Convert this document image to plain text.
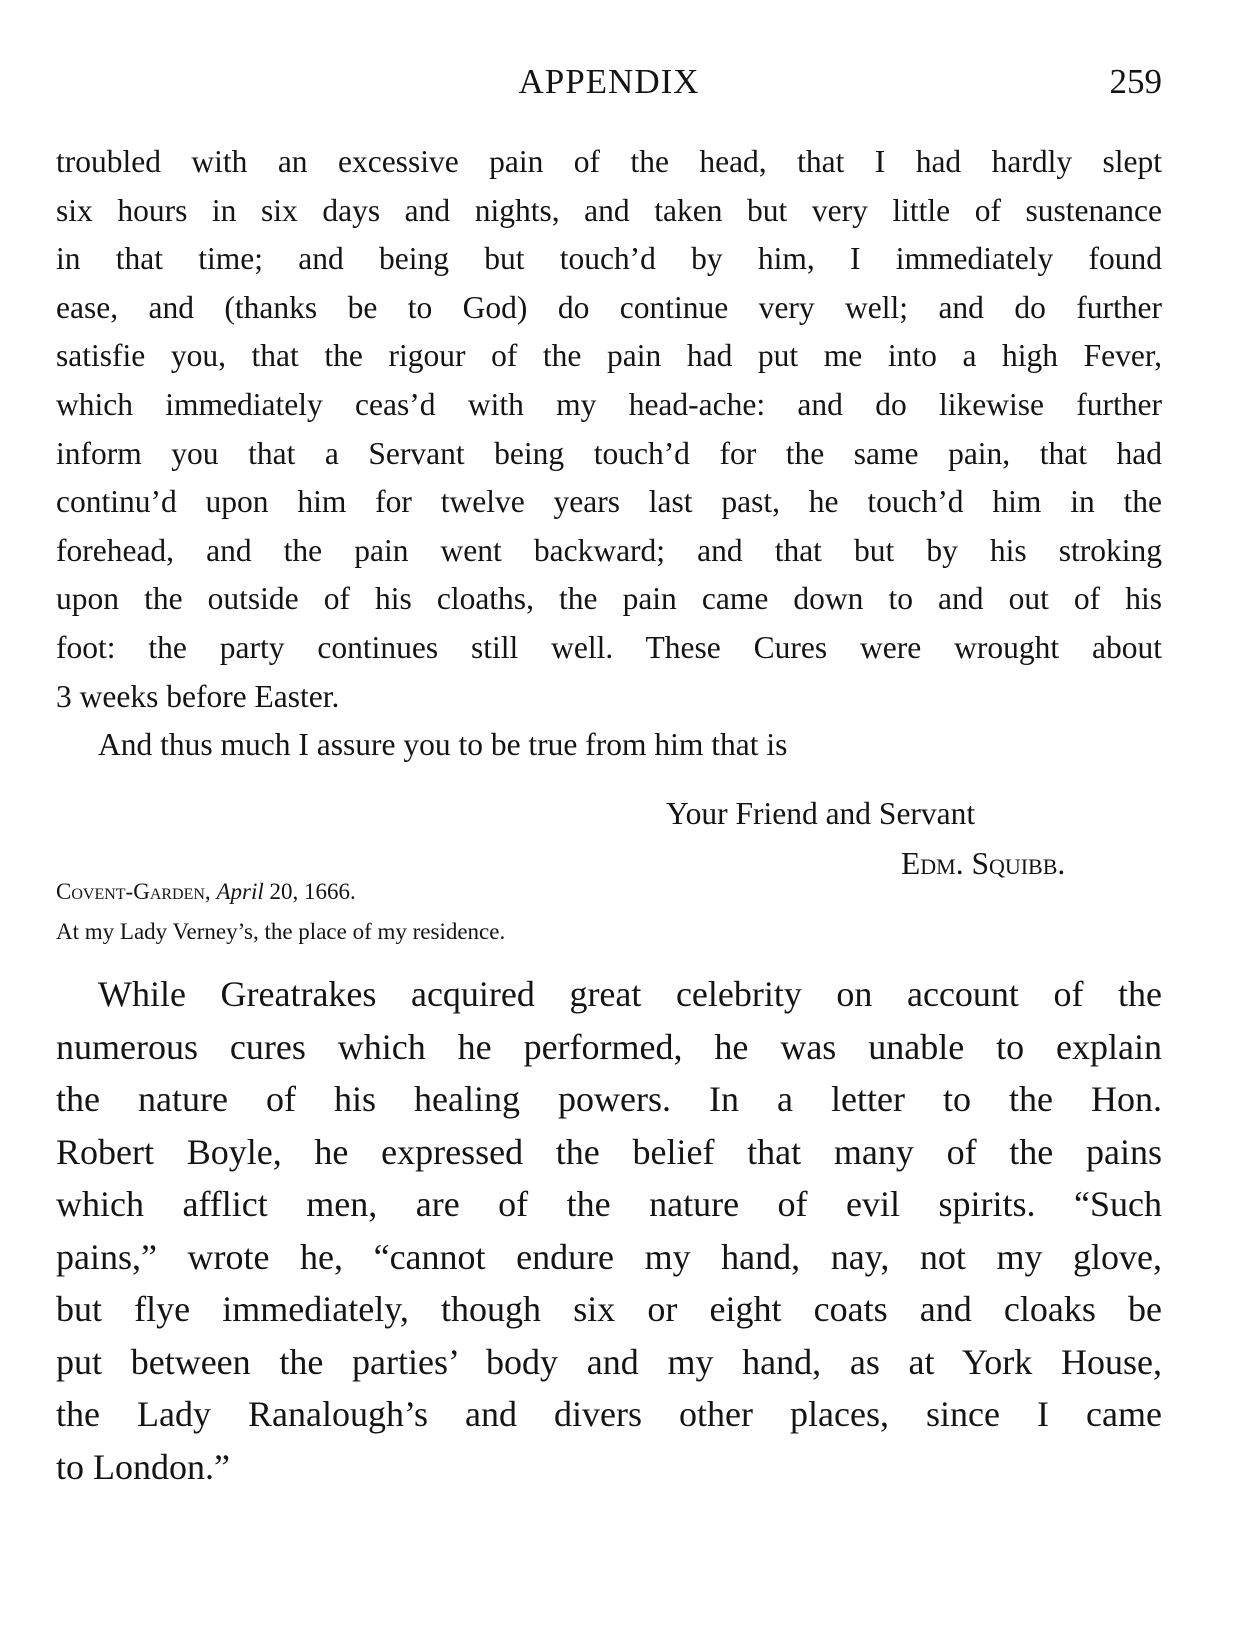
APPENDIX	259
troubled with an excessive pain of the head, that I had hardly slept
six hours in six days and nights, and taken but very little of sustenance
in that time; and being but touch’d by him, I immediately found
ease, and (thanks be to God) do continue very well; and do further
satisfie you, that the rigour of the pain had put me into a high Fever,
which immediately ceas’d with my head-ache: and do likewise further
inform you that a Servant being touch’d for the same pain, that had
continu’d upon him for twelve years last past, he touch’d him in the
forehead, and the pain went backward; and that but by his stroking
upon the outside of his cloaths, the pain came down to and out of his
foot: the party continues still well. These Cures were wrought about
3 weeks before Easter.
And thus much I assure you to be true from him that is
Your Friend and Servant
Edm. Squibb.
Covent-Garden, April 20, 1666.
At my Lady Verney’s, the place of my residence.
While Greatrakes acquired great celebrity on account of the
numerous cures which he performed, he was unable to explain
the nature of his healing powers. In a letter to the Hon.
Robert Boyle, he expressed the belief that many of the pains
which afflict men, are of the nature of evil spirits. “Such
pains,” wrote he, “cannot endure my hand, nay, not my glove,
but flye immediately, though six or eight coats and cloaks be
put between the parties’ body and my hand, as at York House,
the Lady Ranalough’s and divers other places, since I came
to London.”
